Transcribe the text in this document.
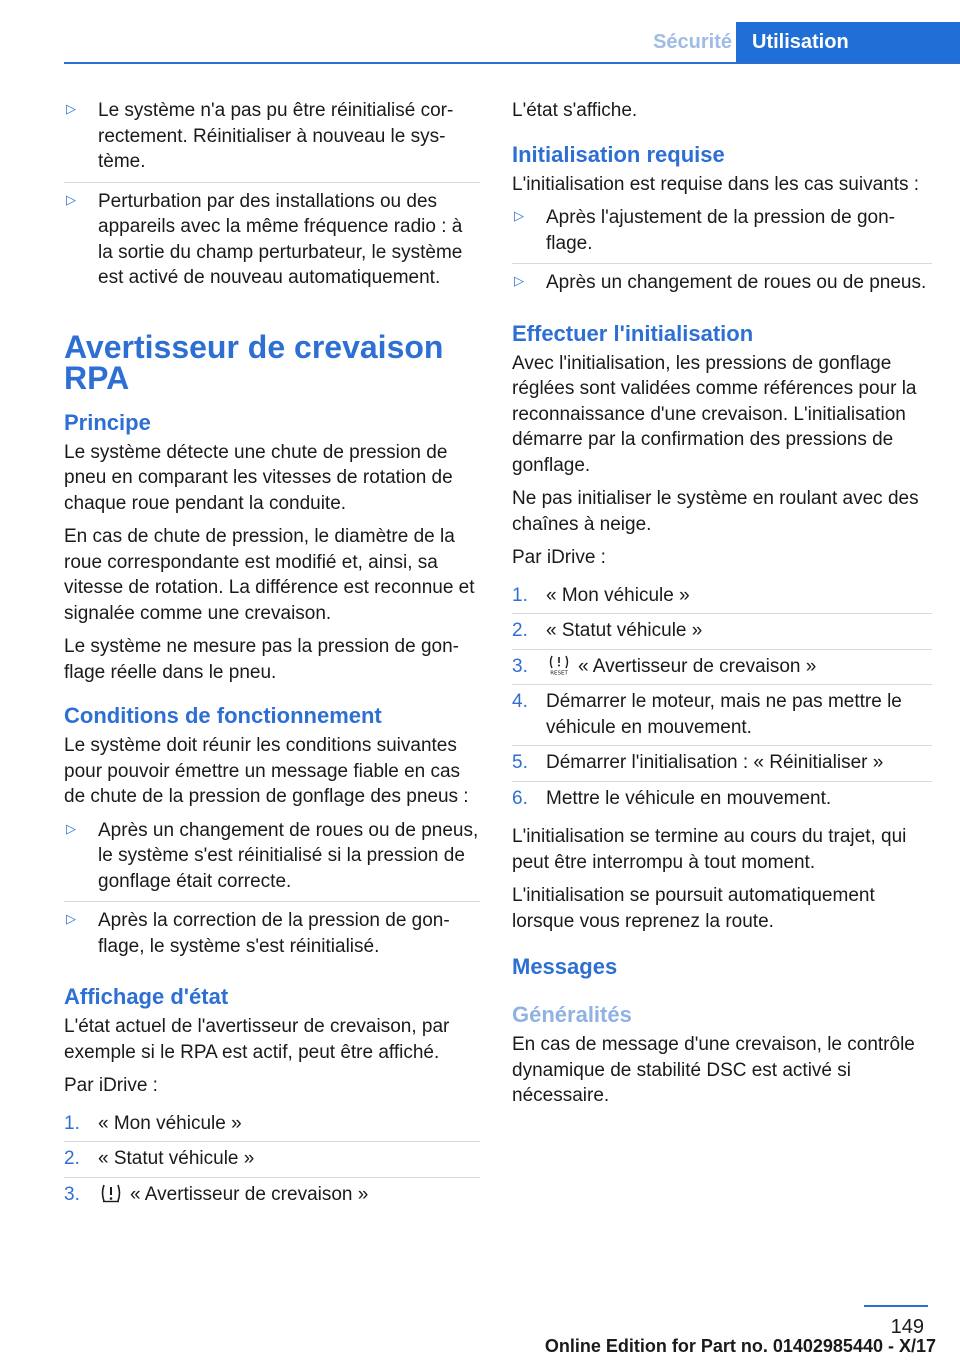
Sécurité	Utilisation
▷ Le système n'a pas pu être réinitialisé correctement. Réinitialiser à nouveau le système.
▷ Perturbation par des installations ou des appareils avec la même fréquence radio : à la sortie du champ perturbateur, le système est activé de nouveau automatiquement.
Avertisseur de crevaison RPA
Principe

Le système détecte une chute de pression de pneu en comparant les vitesses de rotation de chaque roue pendant la conduite.

En cas de chute de pression, le diamètre de la roue correspondante est modifié et, ainsi, sa vitesse de rotation. La différence est reconnue et signalée comme une crevaison.

Le système ne mesure pas la pression de gonflage réelle dans le pneu.

Conditions de fonctionnement

Le système doit réunir les conditions suivantes pour pouvoir émettre un message fiable en cas de chute de la pression de gonflage des pneus :

▷ Après un changement de roues ou de pneus, le système s'est réinitialisé si la pression de gonflage était correcte.
▷ Après la correction de la pression de gonflage, le système s'est réinitialisé.
Affichage d'état

L'état actuel de l'avertisseur de crevaison, par exemple si le RPA est actif, peut être affiché.

Par iDrive :

1. « Mon véhicule »
2. « Statut véhicule »
3.	« Avertisseur de crevaison »

L'état s'affiche.

Initialisation requise

L'initialisation est requise dans les cas suivants :

▷ Après l'ajustement de la pression de gonflage.
▷ Après un changement de roues ou de pneus.
Effectuer l'initialisation

Avec l'initialisation, les pressions de gonflage réglées sont validées comme références pour la reconnaissance d'une crevaison. L'initialisation démarre par la confirmation des pressions de gonflage.

Ne pas initialiser le système en roulant avec des chaînes à neige.

Par iDrive :

1. « Mon véhicule »
2. « Statut véhicule »
3.	RESET « Avertisseur de crevaison »
4. Démarrer le moteur, mais ne pas mettre le véhicule en mouvement.
5. Démarrer l'initialisation : « Réinitialiser »
6. Mettre le véhicule en mouvement.

L'initialisation se termine au cours du trajet, qui peut être interrompu à tout moment.

L'initialisation se poursuit automatiquement lorsque vous reprenez la route.

Messages
Généralités

En cas de message d'une crevaison, le contrôle dynamique de stabilité DSC est activé si nécessaire.

149
Online Edition for Part no. 01402985440 - X/17
